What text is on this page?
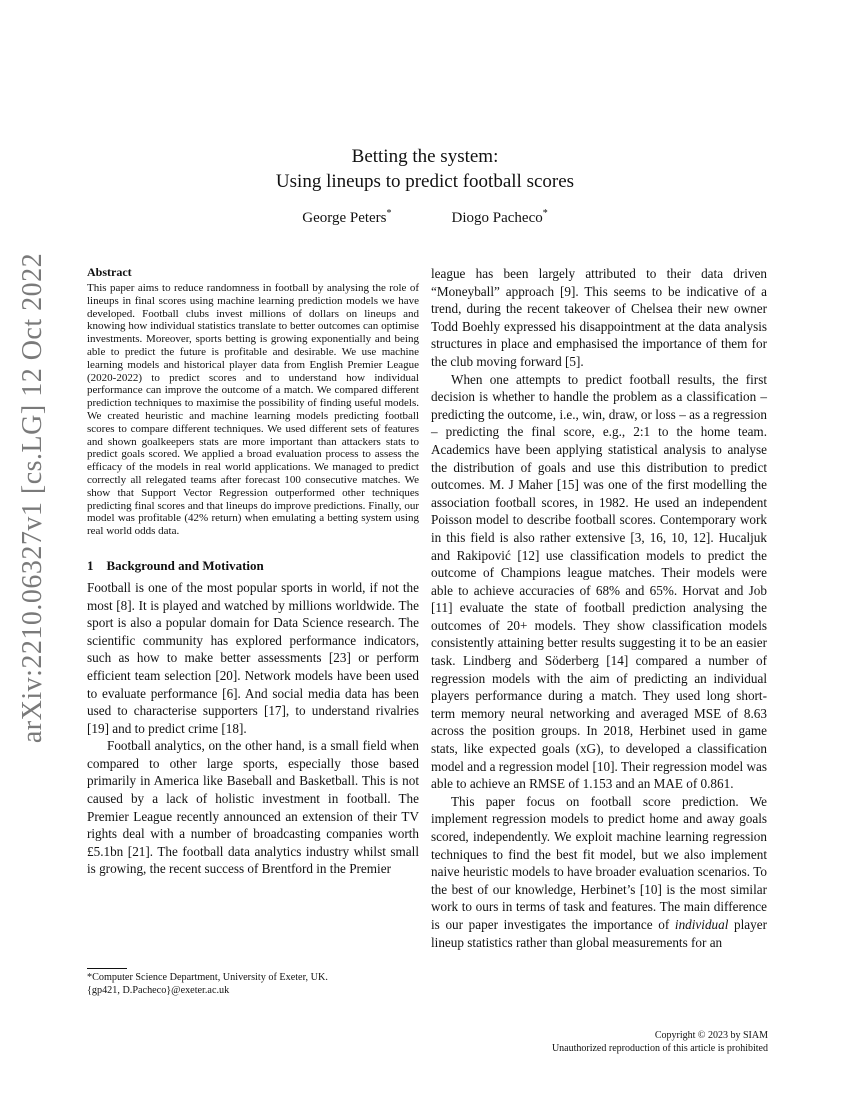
arXiv:2210.06327v1 [cs.LG] 12 Oct 2022
Betting the system:
Using lineups to predict football scores
George Peters*	Diogo Pacheco*
Abstract
This paper aims to reduce randomness in football by analysing the role of lineups in final scores using machine learning prediction models we have developed. Football clubs invest millions of dollars on lineups and knowing how individual statistics translate to better outcomes can optimise investments. Moreover, sports betting is growing exponentially and being able to predict the future is profitable and desirable. We use machine learning models and historical player data from English Premier League (2020-2022) to predict scores and to understand how individual performance can improve the outcome of a match. We compared different prediction techniques to maximise the possibility of finding useful models. We created heuristic and machine learning models predicting football scores to compare different techniques. We used different sets of features and shown goalkeepers stats are more important than attackers stats to predict goals scored. We applied a broad evaluation process to assess the efficacy of the models in real world applications. We managed to predict correctly all relegated teams after forecast 100 consecutive matches. We show that Support Vector Regression outperformed other techniques predicting final scores and that lineups do improve predictions. Finally, our model was profitable (42% return) when emulating a betting system using real world odds data.
1    Background and Motivation

Football is one of the most popular sports in world, if not the most [8]. It is played and watched by millions worldwide. The sport is also a popular domain for Data Science research. The scientific community has explored performance indicators, such as how to make better assessments [23] or perform efficient team selection [20]. Network models have been used to evaluate performance [6]. And social media data has been used to characterise supporters [17], to understand rivalries [19] and to predict crime [18].

Football analytics, on the other hand, is a small field when compared to other large sports, especially those based primarily in America like Baseball and Basketball. This is not caused by a lack of holistic investment in football. The Premier League recently announced an extension of their TV rights deal with a number of broadcasting companies worth £5.1bn [21]. The football data analytics industry whilst small is growing, the recent success of Brentford in the Premier

league has been largely attributed to their data driven “Moneyball” approach [9]. This seems to be indicative of a trend, during the recent takeover of Chelsea their new owner Todd Boehly expressed his disappointment at the data analysis structures in place and emphasised the importance of them for the club moving forward [5].

When one attempts to predict football results, the first decision is whether to handle the problem as a classification – predicting the outcome, i.e., win, draw, or loss – as a regression – predicting the final score, e.g., 2:1 to the home team. Academics have been applying statistical analysis to analyse the distribution of goals and use this distribution to predict outcomes. M. J Maher [15] was one of the first modelling the association football scores, in 1982. He used an independent Poisson model to describe football scores. Contemporary work in this field is also rather extensive [3, 16, 10, 12]. Hucaljuk and Rakipović [12] use classification models to predict the outcome of Champions league matches. Their models were able to achieve accuracies of 68% and 65%. Horvat and Job [11] evaluate the state of football prediction analysing the outcomes of 20+ models. They show classification models consistently attaining better results suggesting it to be an easier task. Lindberg and Söderberg [14] compared a number of regression models with the aim of predicting an individual players performance during a match. They used long short-term memory neural networking and averaged MSE of 8.63 across the position groups. In 2018, Herbinet used in game stats, like expected goals (xG), to developed a classification model and a regression model [10]. Their regression model was able to achieve an RMSE of 1.153 and an MAE of 0.861.

This paper focus on football score prediction. We implement regression models to predict home and away goals scored, independently. We exploit machine learning regression techniques to find the best fit model, but we also implement naive heuristic models to have broader evaluation scenarios. To the best of our knowledge, Herbinet’s [10] is the most similar work to ours in terms of task and features. The main difference is our paper investigates the importance of individual player lineup statistics rather than global measurements for an

*Computer Science Department, University of Exeter, UK.
{gp421, D.Pacheco}@exeter.ac.uk
Copyright © 2023 by SIAM
Unauthorized reproduction of this article is prohibited
